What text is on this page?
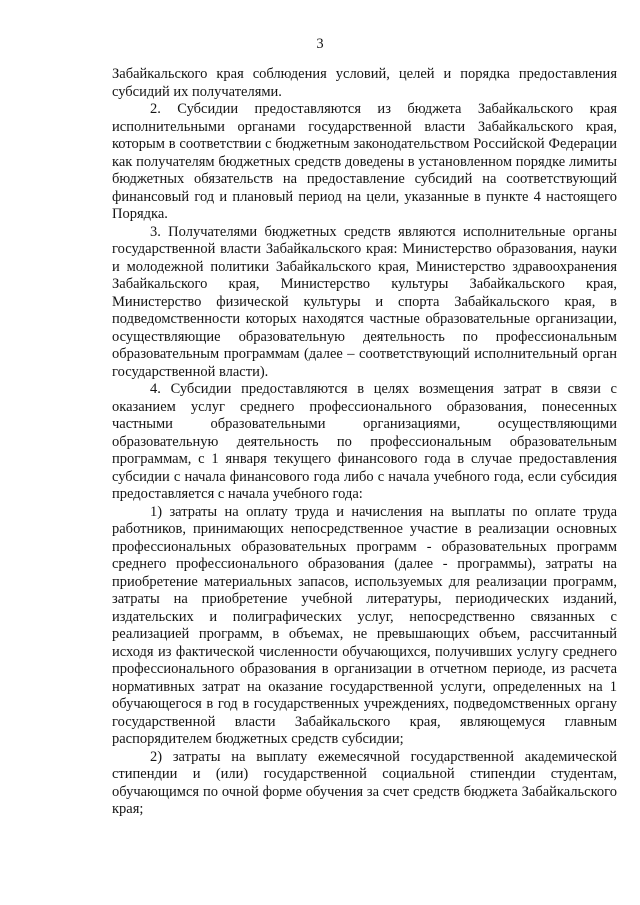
3

Забайкальского края соблюдения условий, целей и порядка предоставления субсидий их получателями.

2. Субсидии предоставляются из бюджета Забайкальского края исполнительными органами государственной власти Забайкальского края, которым в соответствии с бюджетным законодательством Российской Федерации как получателям бюджетных средств доведены в установленном порядке лимиты бюджетных обязательств на предоставление субсидий на соответствующий финансовый год и плановый период на цели, указанные в пункте 4 настоящего Порядка.

3. Получателями бюджетных средств являются исполнительные органы государственной власти Забайкальского края: Министерство образования, науки и молодежной политики Забайкальского края, Министерство здравоохранения Забайкальского края, Министерство культуры Забайкальского края, Министерство физической культуры и спорта Забайкальского края, в подведомственности которых находятся частные образовательные организации, осуществляющие образовательную деятельность по профессиональным образовательным программам (далее – соответствующий исполнительный орган государственной власти).

4. Субсидии предоставляются в целях возмещения затрат в связи с оказанием услуг среднего профессионального образования, понесенных частными образовательными организациями, осуществляющими образовательную деятельность по профессиональным образовательным программам, с 1 января текущего финансового года в случае предоставления субсидии с начала финансового года либо с начала учебного года, если субсидия предоставляется с начала учебного года:

1) затраты на оплату труда и начисления на выплаты по оплате труда работников, принимающих непосредственное участие в реализации основных профессиональных образовательных программ - образовательных программ среднего профессионального образования (далее - программы), затраты на приобретение материальных запасов, используемых для реализации программ, затраты на приобретение учебной литературы, периодических изданий, издательских и полиграфических услуг, непосредственно связанных с реализацией программ, в объемах, не превышающих объем, рассчитанный исходя из фактической численности обучающихся, получивших услугу среднего профессионального образования в организации в отчетном периоде, из расчета нормативных затрат на оказание государственной услуги, определенных на 1 обучающегося в год в государственных учреждениях, подведомственных органу государственной власти Забайкальского края, являющемуся главным распорядителем бюджетных средств субсидии;

2) затраты на выплату ежемесячной государственной академической стипендии и (или) государственной социальной стипендии студентам, обучающимся по очной форме обучения за счет средств бюджета Забайкальского края;
